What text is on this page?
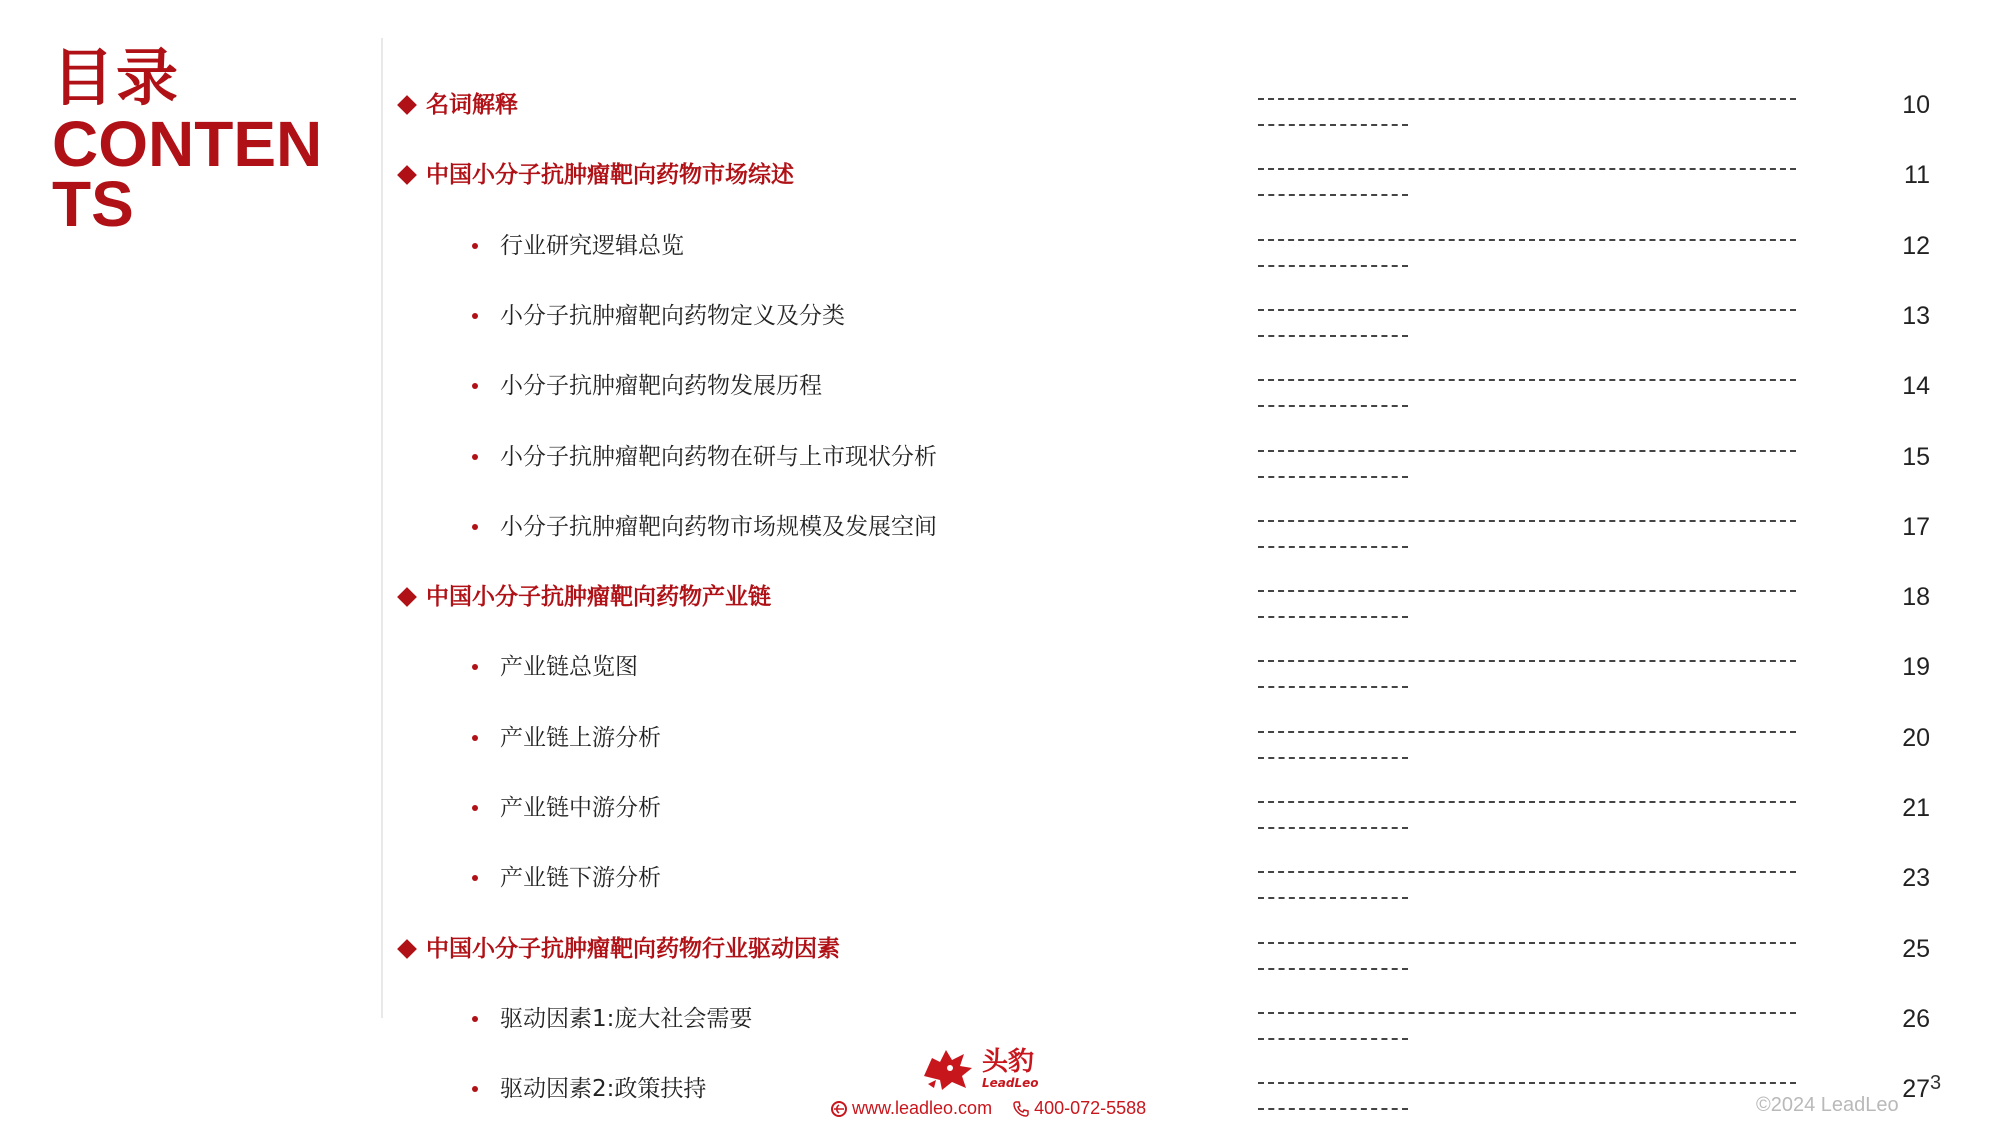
目录
CONTENTS
名词解释	10
中国小分子抗肿瘤靶向药物市场综述	11
行业研究逻辑总览	12
小分子抗肿瘤靶向药物定义及分类	13
小分子抗肿瘤靶向药物发展历程	14
小分子抗肿瘤靶向药物在研与上市现状分析	15
小分子抗肿瘤靶向药物市场规模及发展空间	17
中国小分子抗肿瘤靶向药物产业链	18
产业链总览图	19
产业链上游分析	20
产业链中游分析	21
产业链下游分析	23
中国小分子抗肿瘤靶向药物行业驱动因素	25
驱动因素1:庞大社会需要	26
驱动因素2:政策扶持	27
头豹
LeadLeo
www.leadleo.com 400-072-5588	©2024 LeadLeo
3
